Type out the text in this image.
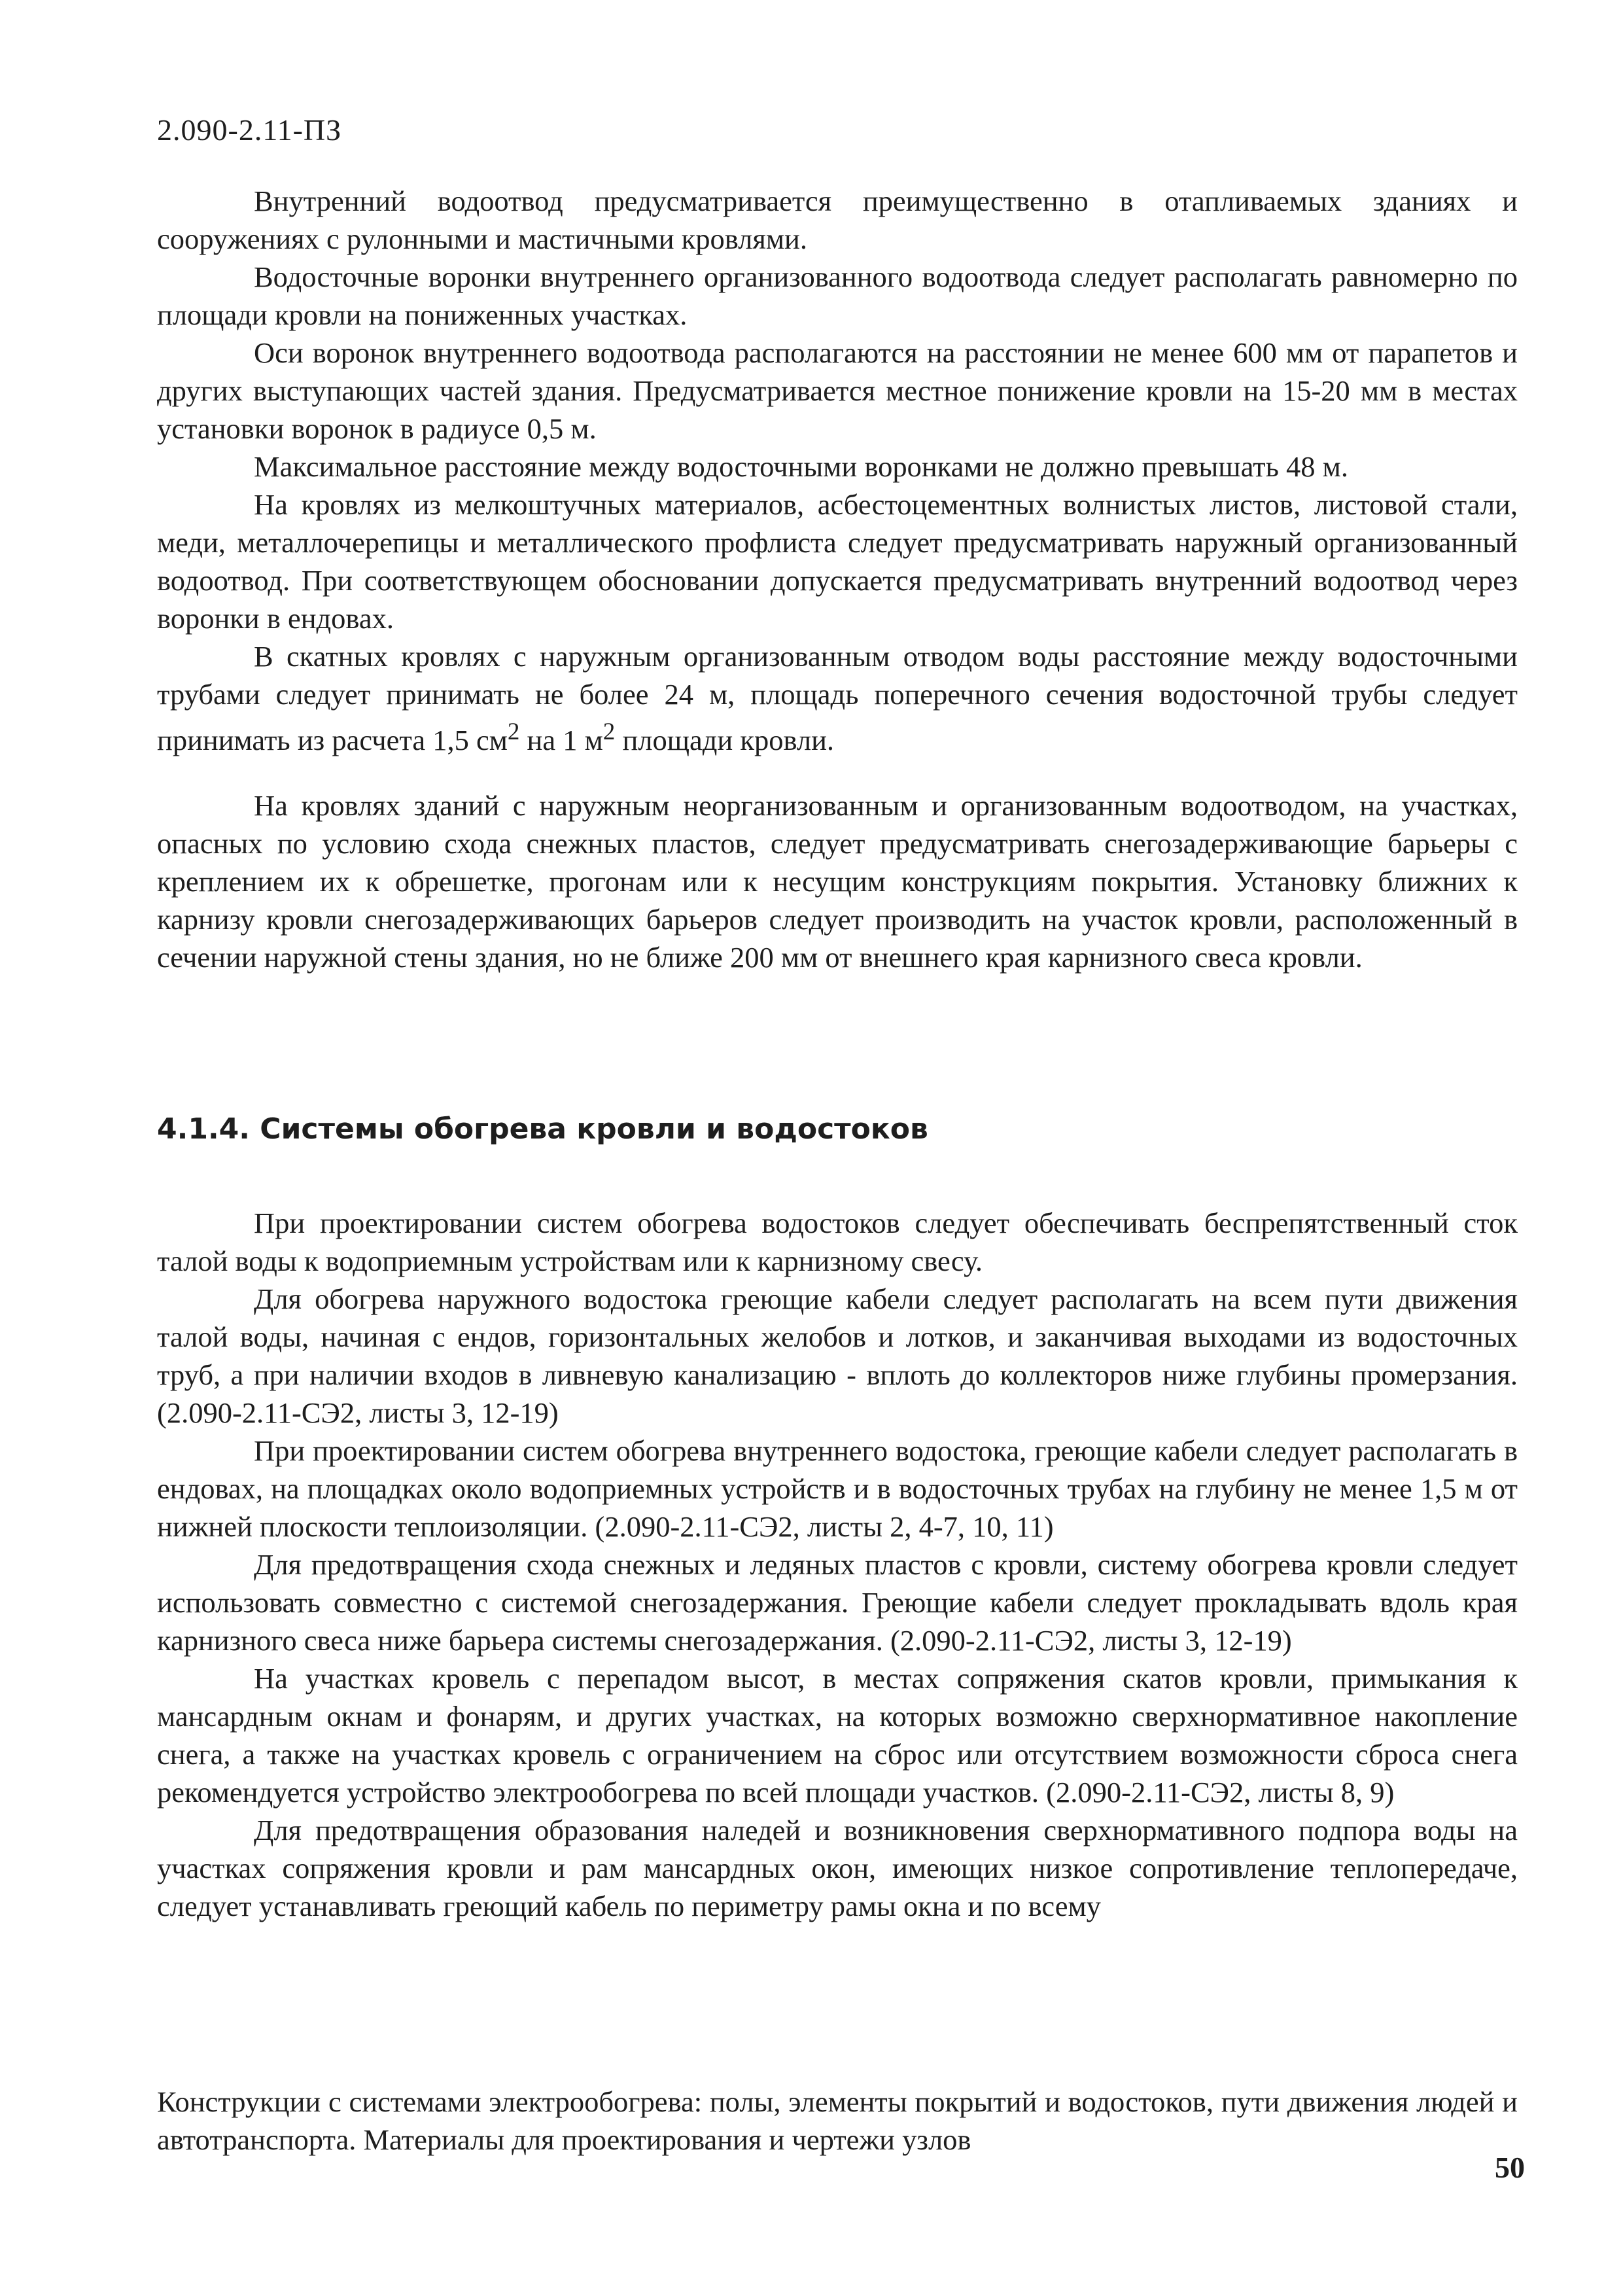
2.090-2.11-ПЗ

Внутренний водоотвод предусматривается преимущественно в отапливаемых зданиях и сооружениях с рулонными и мастичными кровлями.

Водосточные воронки внутреннего организованного водоотвода следует располагать равномерно по площади кровли на пониженных участках.

Оси воронок внутреннего водоотвода располагаются на расстоянии не менее 600 мм от парапетов и других выступающих частей здания. Предусматривается местное понижение кровли на 15-20 мм в местах установки воронок в радиусе 0,5 м.

Максимальное расстояние между водосточными воронками не должно превышать 48 м.

На кровлях из мелкоштучных материалов, асбестоцементных волнистых листов, листовой стали, меди, металлочерепицы и металлического профлиста следует предусматривать наружный организованный водоотвод. При соответствующем обосновании допускается предусматривать внутренний водоотвод через воронки в ендовах.

В скатных кровлях с наружным организованным отводом воды расстояние между водосточными трубами следует принимать не более 24 м, площадь поперечного сечения водосточной трубы следует принимать из расчета 1,5 $см^2$ на 1 $м^2$ площади кровли.

На кровлях зданий с наружным неорганизованным и организованным водоотводом, на участках, опасных по условию схода снежных пластов, следует предусматривать снегозадерживающие барьеры с креплением их к обрешетке, прогонам или к несущим конструкциям покрытия. Установку ближних к карнизу кровли снегозадерживающих барьеров следует производить на участок кровли, расположенный в сечении наружной стены здания, но не ближе 200 мм от внешнего края карнизного свеса кровли.

4.1.4. Системы обогрева кровли и водостоков

При проектировании систем обогрева водостоков следует обеспечивать беспрепятственный сток талой воды к водоприемным устройствам или к карнизному свесу.

Для обогрева наружного водостока греющие кабели следует располагать на всем пути движения талой воды, начиная с ендов, горизонтальных желобов и лотков, и заканчивая выходами из водосточных труб, а при наличии входов в ливневую канализацию - вплоть до коллекторов ниже глубины промерзания. (2.090-2.11-СЭ2, листы 3, 12-19)

При проектировании систем обогрева внутреннего водостока, греющие кабели следует располагать в ендовах, на площадках около водоприемных устройств и в водосточных трубах на глубину не менее 1,5 м от нижней плоскости теплоизоляции. (2.090-2.11-СЭ2, листы 2, 4-7, 10, 11)

Для предотвращения схода снежных и ледяных пластов с кровли, систему обогрева кровли следует использовать совместно с системой снегозадержания. Греющие кабели следует прокладывать вдоль края карнизного свеса ниже барьера системы снегозадержания. (2.090-2.11-СЭ2, листы 3, 12-19)

На участках кровель с перепадом высот, в местах сопряжения скатов кровли, примыкания к мансардным окнам и фонарям, и других участках, на которых возможно сверхнормативное накопление снега, а также на участках кровель с ограничением на сброс или отсутствием возможности сброса снега рекомендуется устройство электрообогрева по всей площади участков. (2.090-2.11-СЭ2, листы 8, 9)

Для предотвращения образования наледей и возникновения сверхнормативного подпора воды на участках сопряжения кровли и рам мансардных окон, имеющих низкое сопротивление теплопередаче, следует устанавливать греющий кабель по периметру рамы окна и по всему

Конструкции с системами электрообогрева: полы, элементы покрытий и водостоков, пути движения людей и автотранспорта. Материалы для проектирования и чертежи узлов

50
